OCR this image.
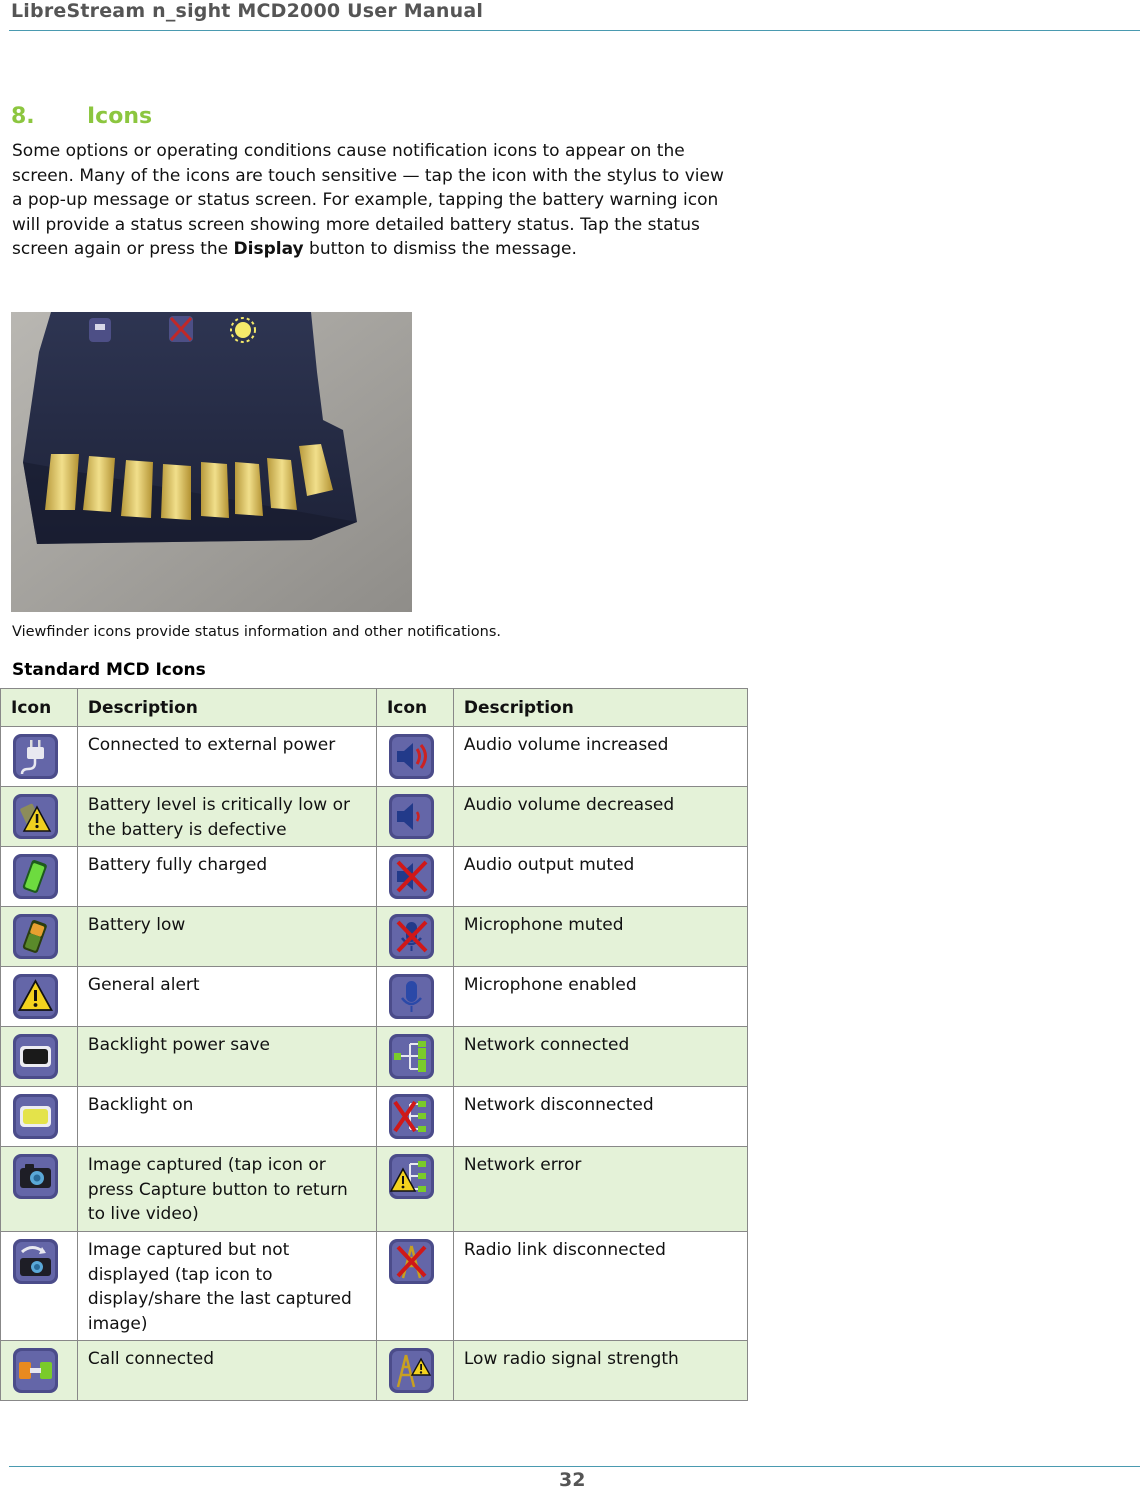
LibreStream n_sight MCD2000 User Manual
8. Icons
Some options or operating conditions cause notification icons to appear on the screen. Many of the icons are touch sensitive — tap the icon with the stylus to view a pop-up message or status screen. For example, tapping the battery warning icon will provide a status screen showing more detailed battery status. Tap the status screen again or press the Display button to dismiss the message.
Viewfinder icons provide status information and other notifications.
Standard MCD Icons
Icon	Description	Icon	Description

	Connected to external power		Audio volume increased

	Battery level is critically low or the battery is defective		Audio volume decreased

	Battery fully charged		Audio output muted

	Battery low		Microphone muted

	General alert		Microphone enabled

	Backlight power save		Network connected

	Backlight on		Network disconnected

	Image captured (tap icon or press Capture button to return to live video)		Network error

	Image captured but not displayed (tap icon to display/share the last captured image)		Radio link disconnected

	Call connected		Low radio signal strength
32
